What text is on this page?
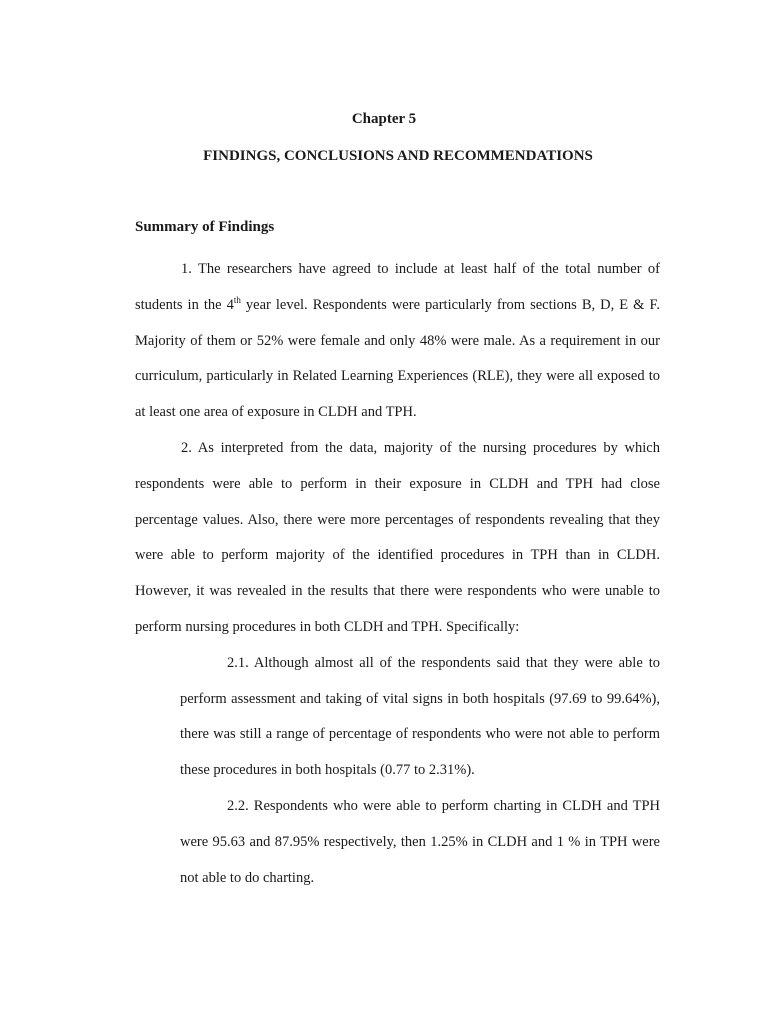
Chapter 5
FINDINGS, CONCLUSIONS AND RECOMMENDATIONS
Summary of Findings

1. The researchers have agreed to include at least half of the total number of students in the 4th year level. Respondents were particularly from sections B, D, E & F. Majority of them or 52% were female and only 48% were male. As a requirement in our curriculum, particularly in Related Learning Experiences (RLE), they were all exposed to at least one area of exposure in CLDH and TPH.

2. As interpreted from the data, majority of the nursing procedures by which respondents were able to perform in their exposure in CLDH and TPH had close percentage values. Also, there were more percentages of respondents revealing that they were able to perform majority of the identified procedures in TPH than in CLDH. However, it was revealed in the results that there were respondents who were unable to perform nursing procedures in both CLDH and TPH. Specifically:

2.1. Although almost all of the respondents said that they were able to perform assessment and taking of vital signs in both hospitals (97.69 to 99.64%), there was still a range of percentage of respondents who were not able to perform these procedures in both hospitals (0.77 to 2.31%).

2.2. Respondents who were able to perform charting in CLDH and TPH were 95.63 and 87.95% respectively, then 1.25% in CLDH and 1 % in TPH were not able to do charting.
